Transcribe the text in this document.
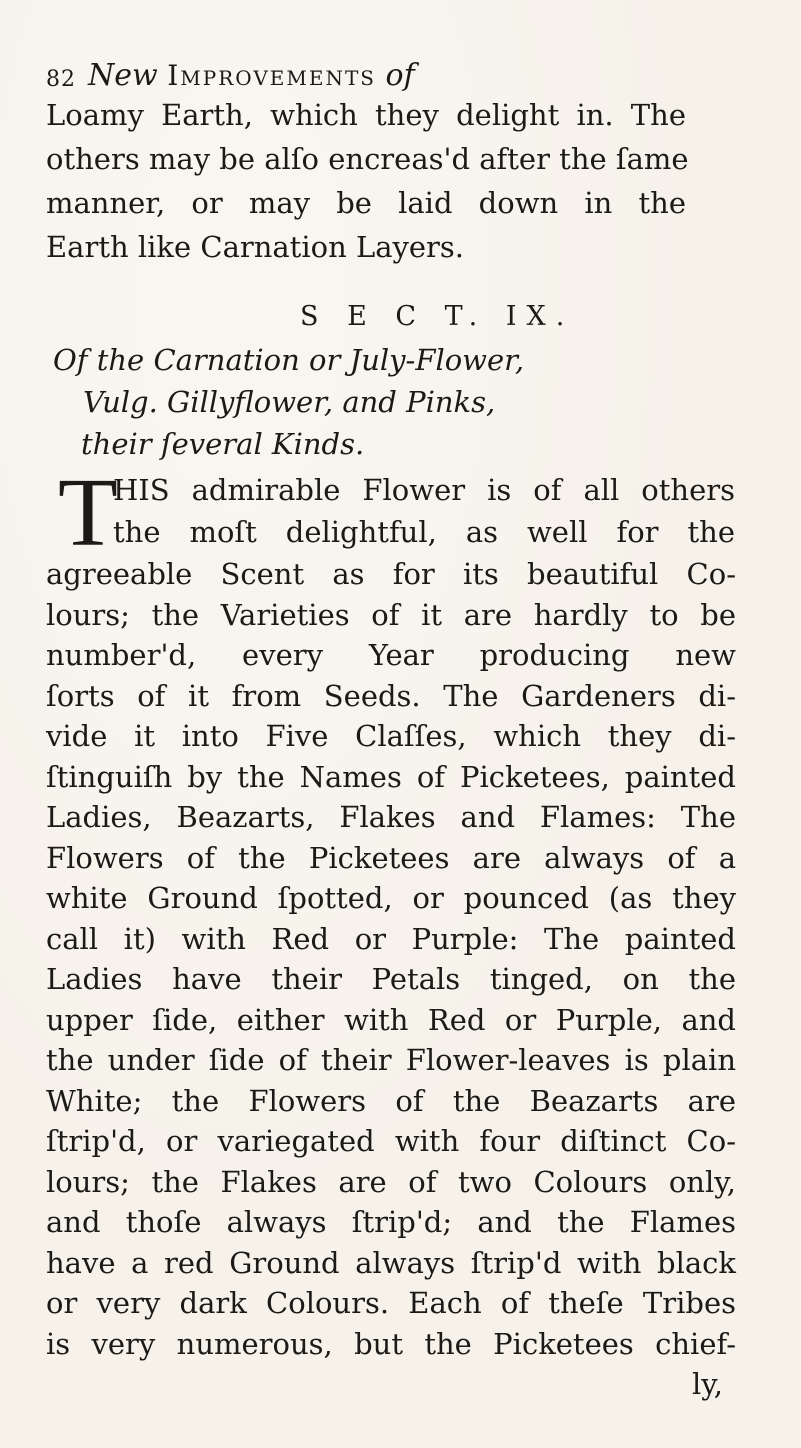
82 New Improvements of
Loamy Earth, which they delight in. The
others may be alſo encreas'd after the ſame
manner, or may be laid down in the
Earth like Carnation Layers.
S E C T. IX.
Of the Carnation or July-Flower,
Vulg. Gillyflower, and Pinks,
their ſeveral Kinds.
T
HIS admirable Flower is of all others
the moſt delightful, as well for the
agreeable Scent as for its beautiful Co-
lours; the Varieties of it are hardly to be
number'd, every Year producing new
ſorts of it from Seeds. The Gardeners di-
vide it into Five Claſſes, which they di-
ſtinguiſh by the Names of Picketees, painted
Ladies, Beazarts, Flakes and Flames: The
Flowers of the Picketees are always of a
white Ground ſpotted, or pounced (as they
call it) with Red or Purple: The painted
Ladies have their Petals tinged, on the
upper ſide, either with Red or Purple, and
the under ſide of their Flower-leaves is plain
White; the Flowers of the Beazarts are
ſtrip'd, or variegated with four diſtinct Co-
lours; the Flakes are of two Colours only,
and thoſe always ſtrip'd; and the Flames
have a red Ground always ſtrip'd with black
or very dark Colours. Each of theſe Tribes
is very numerous, but the Picketees chief-
ly,
